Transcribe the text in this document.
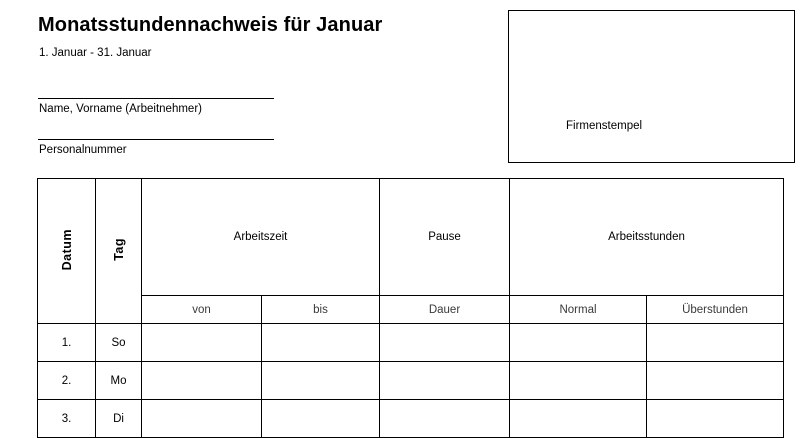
Monatsstundennachweis für Januar
1. Januar - 31. Januar
Name, Vorname (Arbeitnehmer)
Personalnummer
Firmenstempel
Datum	Tag	Arbeitszeit		Pause	Arbeitsstunden	
		von	bis	Dauer	Normal	Überstunden
1.	So					
2.	Mo					
3.	Di					
